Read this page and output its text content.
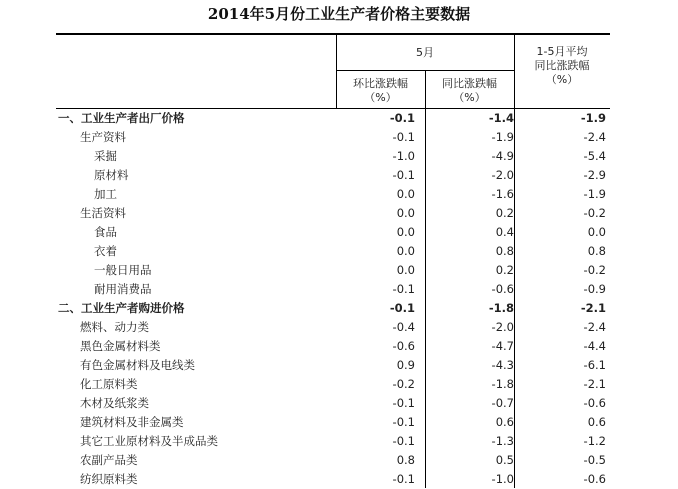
2014年5月份工业生产者价格主要数据
5月
环比涨跌幅
（%）
同比涨跌幅
（%）
1-5月平均
同比涨跌幅
（%）
一、工业生产者出厂价格	-0.1	-1.4	-1.9
生产资料	-0.1	-1.9	-2.4
采掘	-1.0	-4.9	-5.4
原材料	-0.1	-2.0	-2.9
加工	0.0	-1.6	-1.9
生活资料	0.0	0.2	-0.2
食品	0.0	0.4	0.0
衣着	0.0	0.8	0.8
一般日用品	0.0	0.2	-0.2
耐用消费品	-0.1	-0.6	-0.9
二、工业生产者购进价格	-0.1	-1.8	-2.1
燃料、动力类	-0.4	-2.0	-2.4
黑色金属材料类	-0.6	-4.7	-4.4
有色金属材料及电线类	0.9	-4.3	-6.1
化工原料类	-0.2	-1.8	-2.1
木材及纸浆类	-0.1	-0.7	-0.6
建筑材料及非金属类	-0.1	0.6	0.6
其它工业原材料及半成品类	-0.1	-1.3	-1.2
农副产品类	0.8	0.5	-0.5
纺织原料类	-0.1	-1.0	-0.6
